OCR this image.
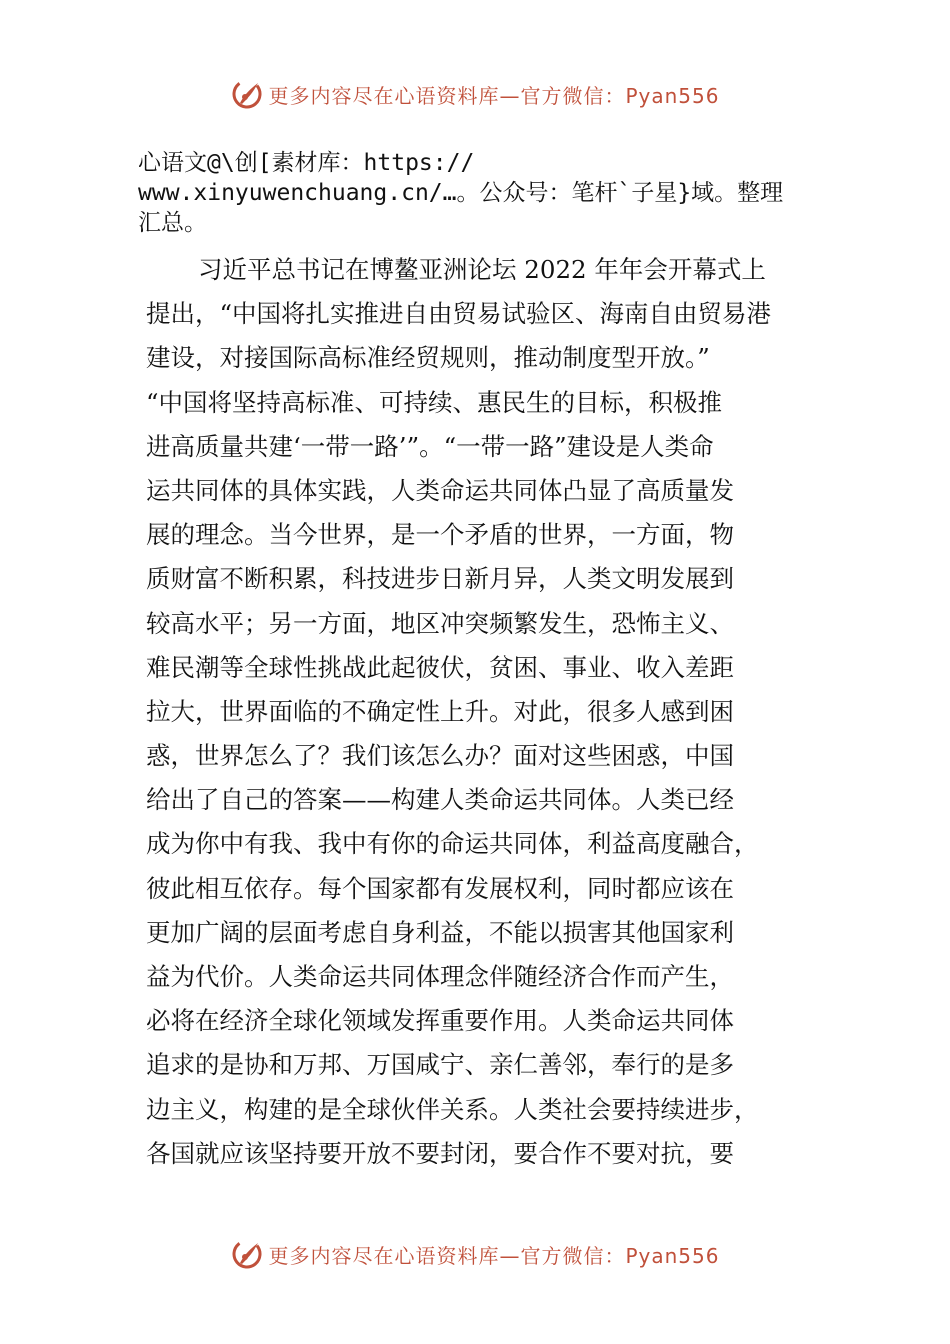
更多内容尽在心语资料库—官方微信：Pyan556
心语文@\创[素材库：https://
www.xinyuwenchuang.cn/…。公众号：笔杆`子星}域。整理
汇总。
习近平总书记在博鳌亚洲论坛 2022 年年会开幕式上
提出，“中国将扎实推进自由贸易试验区、海南自由贸易港
建设，对接国际高标准经贸规则，推动制度型开放。”
“中国将坚持高标准、可持续、惠民生的目标，积极推
进高质量共建‘一带一路’”。“一带一路”建设是人类命
运共同体的具体实践，人类命运共同体凸显了高质量发
展的理念。当今世界，是一个矛盾的世界，一方面，物
质财富不断积累，科技进步日新月异，人类文明发展到
较高水平；另一方面，地区冲突频繁发生，恐怖主义、
难民潮等全球性挑战此起彼伏，贫困、事业、收入差距
拉大，世界面临的不确定性上升。对此，很多人感到困
惑，世界怎么了？我们该怎么办？面对这些困惑，中国
给出了自己的答案——构建人类命运共同体。人类已经
成为你中有我、我中有你的命运共同体，利益高度融合，
彼此相互依存。每个国家都有发展权利，同时都应该在
更加广阔的层面考虑自身利益，不能以损害其他国家利
益为代价。人类命运共同体理念伴随经济合作而产生，
必将在经济全球化领域发挥重要作用。人类命运共同体
追求的是协和万邦、万国咸宁、亲仁善邻，奉行的是多
边主义，构建的是全球伙伴关系。人类社会要持续进步，
各国就应该坚持要开放不要封闭，要合作不要对抗，要
更多内容尽在心语资料库—官方微信：Pyan556
